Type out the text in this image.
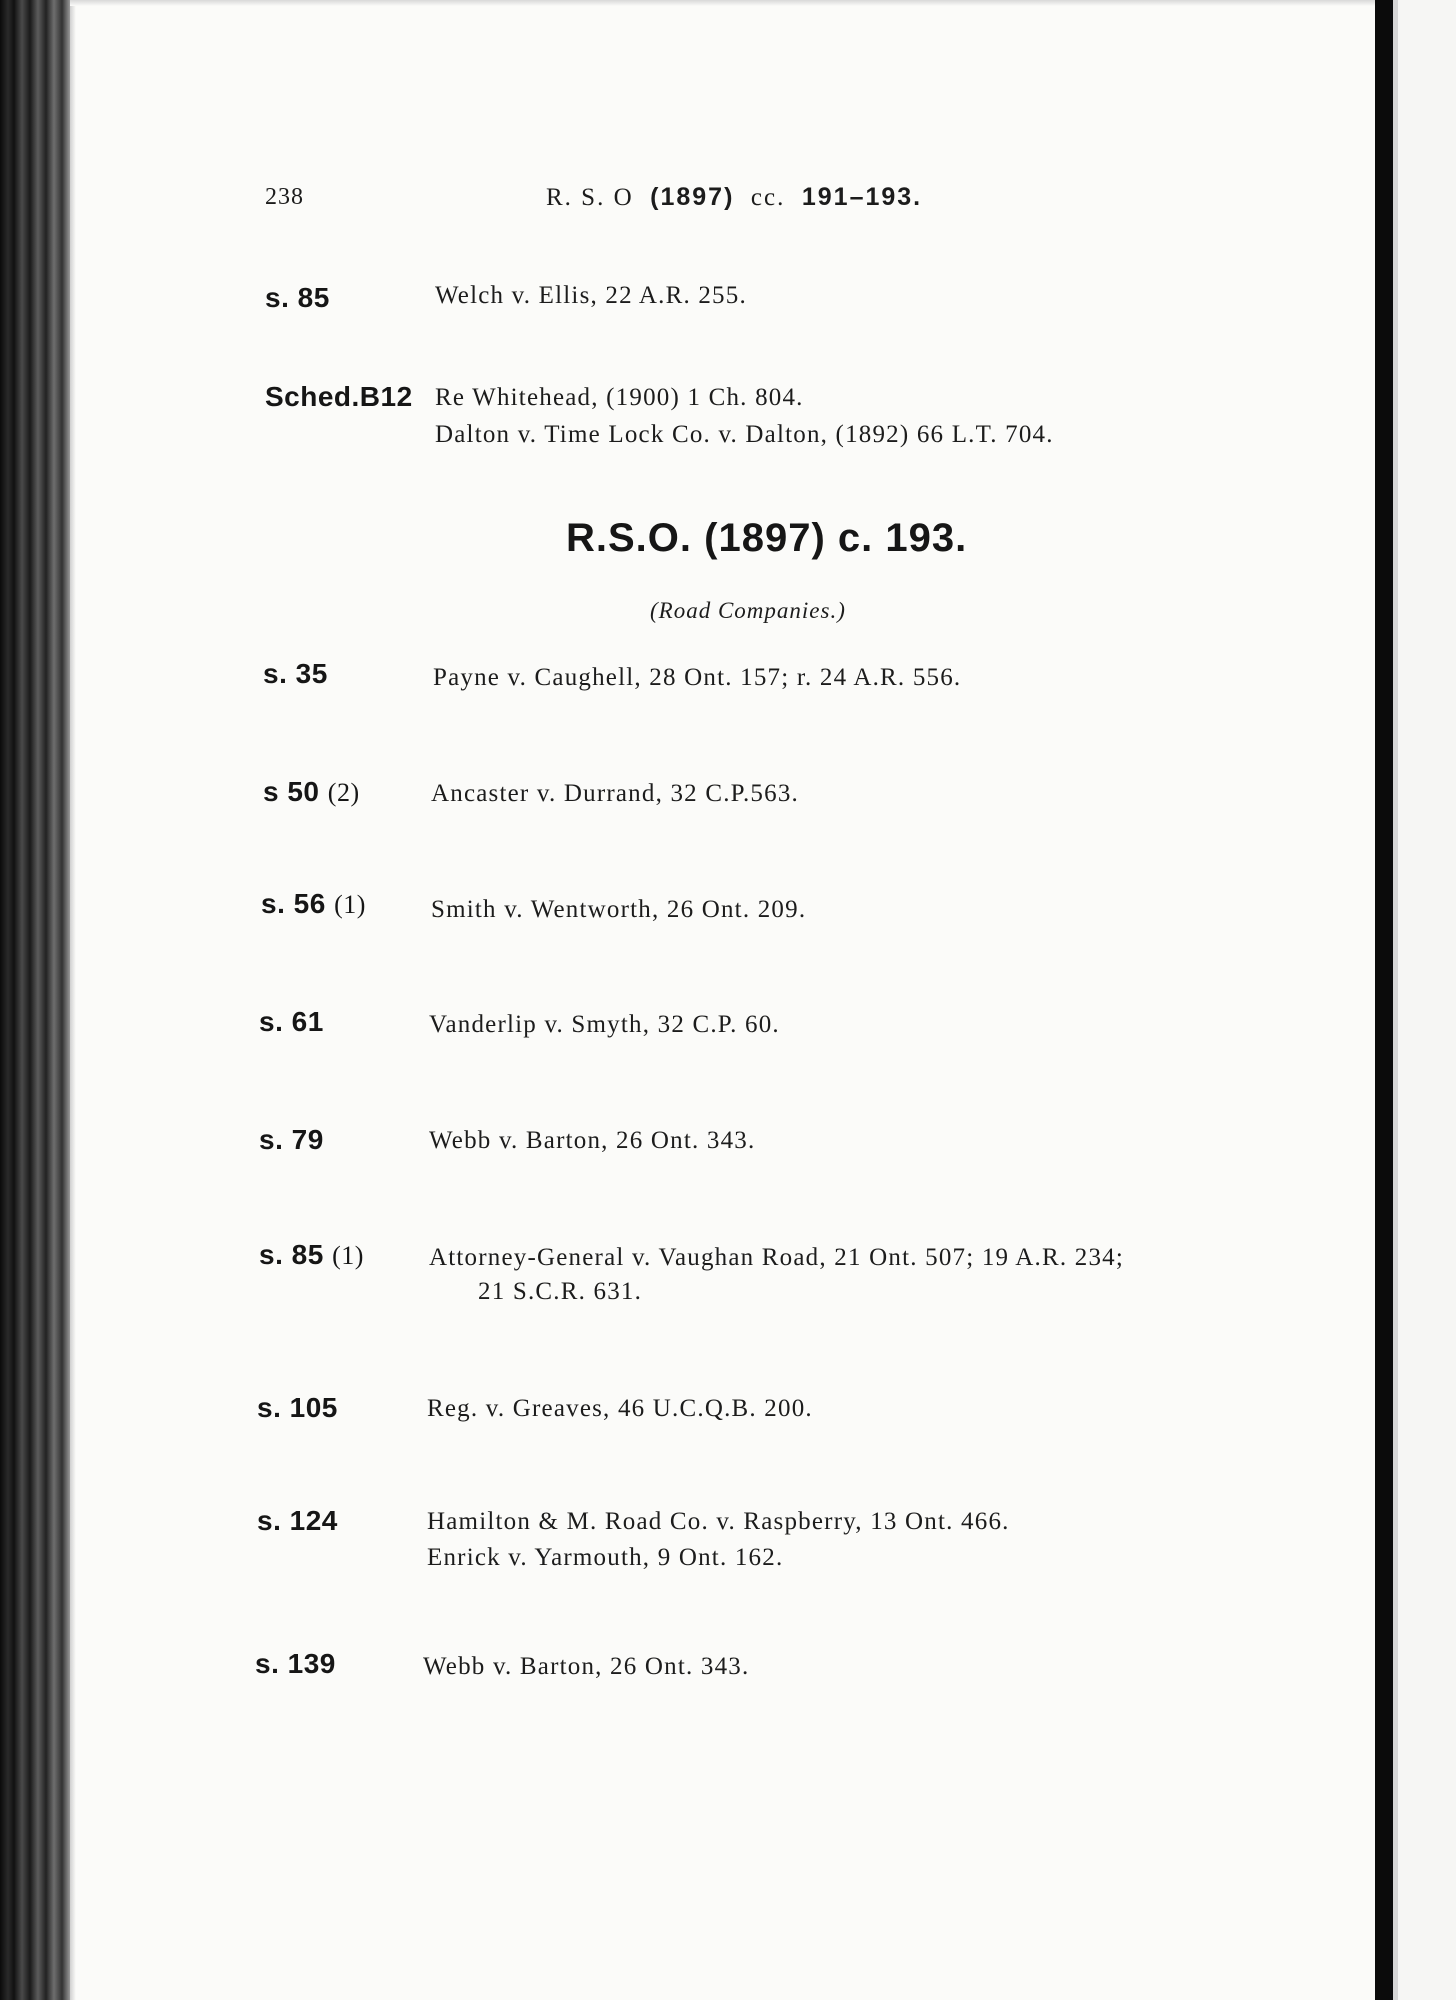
238	R. S. O (1897) cc. 191–193.
s. 85	Welch v. Ellis, 22 A.R. 255.
Sched.B12 Re Whitehead, (1900) 1 Ch. 804.
Dalton v. Time Lock Co. v. Dalton, (1892) 66 L.T. 704.
R.S.O. (1897) c. 193.
(Road Companies.)
s. 35	Payne v. Caughell, 28 Ont. 157; r. 24 A.R. 556.
s 50 (2)	Ancaster v. Durrand, 32 C.P.563.
s. 56 (1)	Smith v. Wentworth, 26 Ont. 209.
s. 61	Vanderlip v. Smyth, 32 C.P. 60.
s. 79	Webb v. Barton, 26 Ont. 343.
s. 85 (1)	Attorney-General v. Vaughan Road, 21 Ont. 507; 19 A.R. 234;
21 S.C.R. 631.
s. 105	Reg. v. Greaves, 46 U.C.Q.B. 200.
s. 124	Hamilton & M. Road Co. v. Raspberry, 13 Ont. 466.
Enrick v. Yarmouth, 9 Ont. 162.
s. 139	Webb v. Barton, 26 Ont. 343.
